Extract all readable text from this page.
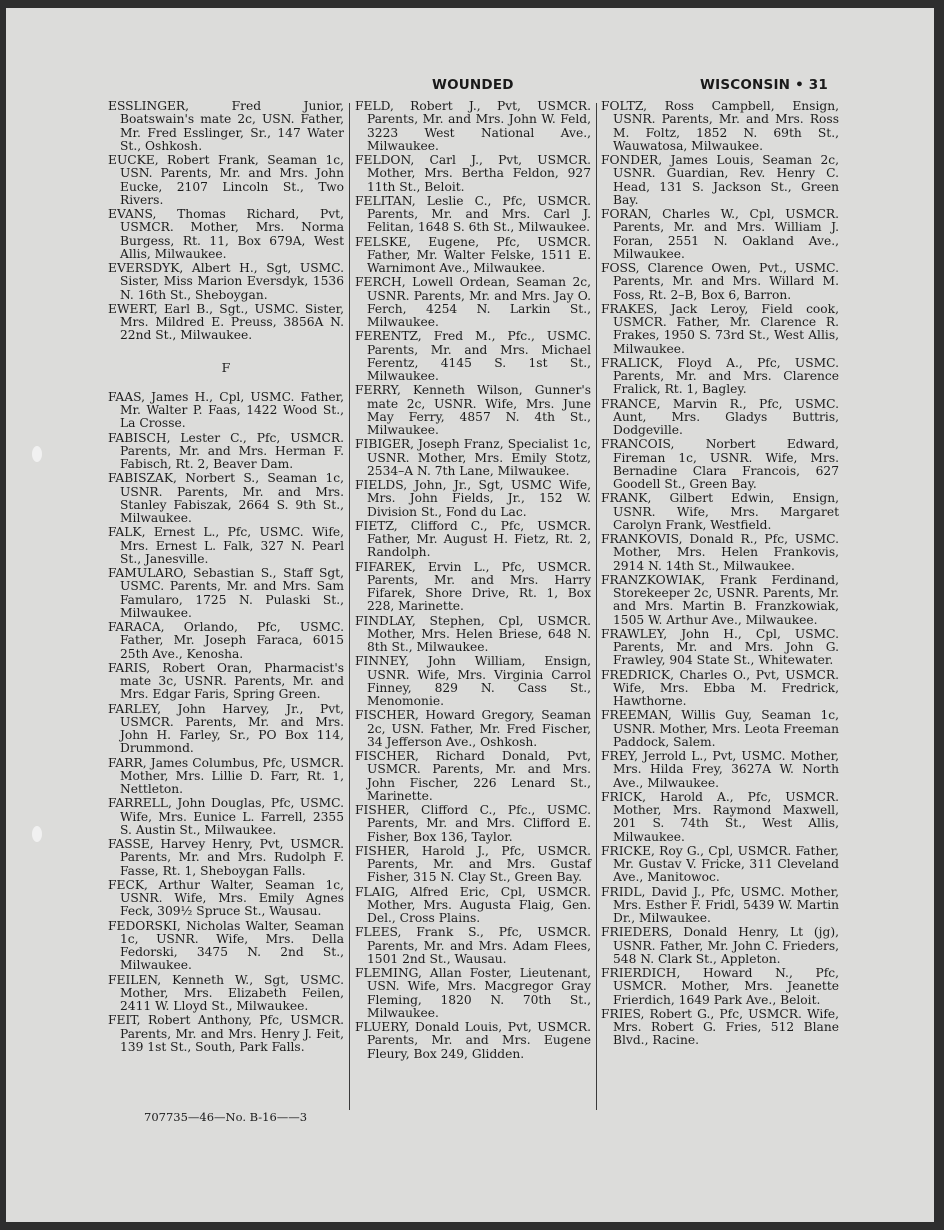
WOUNDED	WISCONSIN • 31

ESSLINGER, Fred Junior, Boatswain's mate 2c, USN. Father, Mr. Fred Esslinger, Sr., 147 Water St., Oshkosh.

EUCKE, Robert Frank, Seaman 1c, USN. Parents, Mr. and Mrs. John Eucke, 2107 Lincoln St., Two Rivers.

EVANS, Thomas Richard, Pvt, USMCR. Mother, Mrs. Norma Burgess, Rt. 11, Box 679A, West Allis, Milwaukee.

EVERSDYK, Albert H., Sgt, USMC. Sister, Miss Marion Eversdyk, 1536 N. 16th St., Sheboygan.

EWERT, Earl B., Sgt., USMC. Sister, Mrs. Mildred E. Preuss, 3856A N. 22nd St., Milwaukee.

F

FAAS, James H., Cpl, USMC. Father, Mr. Walter P. Faas, 1422 Wood St., La Crosse.

FABISCH, Lester C., Pfc, USMCR. Parents, Mr. and Mrs. Herman F. Fabisch, Rt. 2, Beaver Dam.

FABISZAK, Norbert S., Seaman 1c, USNR. Parents, Mr. and Mrs. Stanley Fabiszak, 2664 S. 9th St., Milwaukee.

FALK, Ernest L., Pfc, USMC. Wife, Mrs. Ernest L. Falk, 327 N. Pearl St., Janesville.

FAMULARO, Sebastian S., Staff Sgt, USMC. Parents, Mr. and Mrs. Sam Famularo, 1725 N. Pulaski St., Milwaukee.

FARACA, Orlando, Pfc, USMC. Father, Mr. Joseph Faraca, 6015 25th Ave., Kenosha.

FARIS, Robert Oran, Pharmacist's mate 3c, USNR. Parents, Mr. and Mrs. Edgar Faris, Spring Green.

FARLEY, John Harvey, Jr., Pvt, USMCR. Parents, Mr. and Mrs. John H. Farley, Sr., PO Box 114, Drummond.

FARR, James Columbus, Pfc, USMCR. Mother, Mrs. Lillie D. Farr, Rt. 1, Nettleton.

FARRELL, John Douglas, Pfc, USMC. Wife, Mrs. Eunice L. Farrell, 2355 S. Austin St., Milwaukee.

FASSE, Harvey Henry, Pvt, USMCR. Parents, Mr. and Mrs. Rudolph F. Fasse, Rt. 1, Sheboygan Falls.

FECK, Arthur Walter, Seaman 1c, USNR. Wife, Mrs. Emily Agnes Feck, 309½ Spruce St., Wausau.

FEDORSKI, Nicholas Walter, Seaman 1c, USNR. Wife, Mrs. Della Fedorski, 3475 N. 2nd St., Milwaukee.

FEILEN, Kenneth W., Sgt, USMC. Mother, Mrs. Elizabeth Feilen, 2411 W. Lloyd St., Milwaukee.

FEIT, Robert Anthony, Pfc, USMCR. Parents, Mr. and Mrs. Henry J. Feit, 139 1st St., South, Park Falls.

FELD, Robert J., Pvt, USMCR. Parents, Mr. and Mrs. John W. Feld, 3223 West National Ave., Milwaukee.

FELDON, Carl J., Pvt, USMCR. Mother, Mrs. Bertha Feldon, 927 11th St., Beloit.

FELITAN, Leslie C., Pfc, USMCR. Parents, Mr. and Mrs. Carl J. Felitan, 1648 S. 6th St., Milwaukee.

FELSKE, Eugene, Pfc, USMCR. Father, Mr. Walter Felske, 1511 E. Warnimont Ave., Milwaukee.

FERCH, Lowell Ordean, Seaman 2c, USNR. Parents, Mr. and Mrs. Jay O. Ferch, 4254 N. Larkin St., Milwaukee.

FERENTZ, Fred M., Pfc., USMC. Parents, Mr. and Mrs. Michael Ferentz, 4145 S. 1st St., Milwaukee.

FERRY, Kenneth Wilson, Gunner's mate 2c, USNR. Wife, Mrs. June May Ferry, 4857 N. 4th St., Milwaukee.

FIBIGER, Joseph Franz, Specialist 1c, USNR. Mother, Mrs. Emily Stotz, 2534–A N. 7th Lane, Milwaukee.

FIELDS, John, Jr., Sgt, USMC Wife, Mrs. John Fields, Jr., 152 W. Division St., Fond du Lac.

FIETZ, Clifford C., Pfc, USMCR. Father, Mr. August H. Fietz, Rt. 2, Randolph.

FIFAREK, Ervin L., Pfc, USMCR. Parents, Mr. and Mrs. Harry Fifarek, Shore Drive, Rt. 1, Box 228, Marinette.

FINDLAY, Stephen, Cpl, USMCR. Mother, Mrs. Helen Briese, 648 N. 8th St., Milwaukee.

FINNEY, John William, Ensign, USNR. Wife, Mrs. Virginia Carrol Finney, 829 N. Cass St., Menomonie.

FISCHER, Howard Gregory, Seaman 2c, USN. Father, Mr. Fred Fischer, 34 Jefferson Ave., Oshkosh.

FISCHER, Richard Donald, Pvt, USMCR. Parents, Mr. and Mrs. John Fischer, 226 Lenard St., Marinette.

FISHER, Clifford C., Pfc., USMC. Parents, Mr. and Mrs. Clifford E. Fisher, Box 136, Taylor.

FISHER, Harold J., Pfc, USMCR. Parents, Mr. and Mrs. Gustaf Fisher, 315 N. Clay St., Green Bay.

FLAIG, Alfred Eric, Cpl, USMCR. Mother, Mrs. Augusta Flaig, Gen. Del., Cross Plains.

FLEES, Frank S., Pfc, USMCR. Parents, Mr. and Mrs. Adam Flees, 1501 2nd St., Wausau.

FLEMING, Allan Foster, Lieutenant, USN. Wife, Mrs. Macgregor Gray Fleming, 1820 N. 70th St., Milwaukee.

FLUERY, Donald Louis, Pvt, USMCR. Parents, Mr. and Mrs. Eugene Fleury, Box 249, Glidden.

FOLTZ, Ross Campbell, Ensign, USNR. Parents, Mr. and Mrs. Ross M. Foltz, 1852 N. 69th St., Wauwatosa, Milwaukee.

FONDER, James Louis, Seaman 2c, USNR. Guardian, Rev. Henry C. Head, 131 S. Jackson St., Green Bay.

FORAN, Charles W., Cpl, USMCR. Parents, Mr. and Mrs. William J. Foran, 2551 N. Oakland Ave., Milwaukee.

FOSS, Clarence Owen, Pvt., USMC. Parents, Mr. and Mrs. Willard M. Foss, Rt. 2–B, Box 6, Barron.

FRAKES, Jack Leroy, Field cook, USMCR. Father, Mr. Clarence R. Frakes, 1950 S. 73rd St., West Allis, Milwaukee.

FRALICK, Floyd A., Pfc, USMC. Parents, Mr. and Mrs. Clarence Fralick, Rt. 1, Bagley.

FRANCE, Marvin R., Pfc, USMC. Aunt, Mrs. Gladys Buttris, Dodgeville.

FRANCOIS, Norbert Edward, Fireman 1c, USNR. Wife, Mrs. Bernadine Clara Francois, 627 Goodell St., Green Bay.

FRANK, Gilbert Edwin, Ensign, USNR. Wife, Mrs. Margaret Carolyn Frank, Westfield.

FRANKOVIS, Donald R., Pfc, USMC. Mother, Mrs. Helen Frankovis, 2914 N. 14th St., Milwaukee.

FRANZKOWIAK, Frank Ferdinand, Storekeeper 2c, USNR. Parents, Mr. and Mrs. Martin B. Franzkowiak, 1505 W. Arthur Ave., Milwaukee.

FRAWLEY, John H., Cpl, USMC. Parents, Mr. and Mrs. John G. Frawley, 904 State St., Whitewater.

FREDRICK, Charles O., Pvt, USMCR. Wife, Mrs. Ebba M. Fredrick, Hawthorne.

FREEMAN, Willis Guy, Seaman 1c, USNR. Mother, Mrs. Leota Freeman Paddock, Salem.

FREY, Jerrold L., Pvt, USMC. Mother, Mrs. Hilda Frey, 3627A W. North Ave., Milwaukee.

FRICK, Harold A., Pfc, USMCR. Mother, Mrs. Raymond Maxwell, 201 S. 74th St., West Allis, Milwaukee.

FRICKE, Roy G., Cpl, USMCR. Father, Mr. Gustav V. Fricke, 311 Cleveland Ave., Manitowoc.

FRIDL, David J., Pfc, USMC. Mother, Mrs. Esther F. Fridl, 5439 W. Martin Dr., Milwaukee.

FRIEDERS, Donald Henry, Lt (jg), USNR. Father, Mr. John C. Frieders, 548 N. Clark St., Appleton.

FRIERDICH, Howard N., Pfc, USMCR. Mother, Mrs. Jeanette Frierdich, 1649 Park Ave., Beloit.

FRIES, Robert G., Pfc, USMCR. Wife, Mrs. Robert G. Fries, 512 Blane Blvd., Racine.

707735—46—No. B-16——3
